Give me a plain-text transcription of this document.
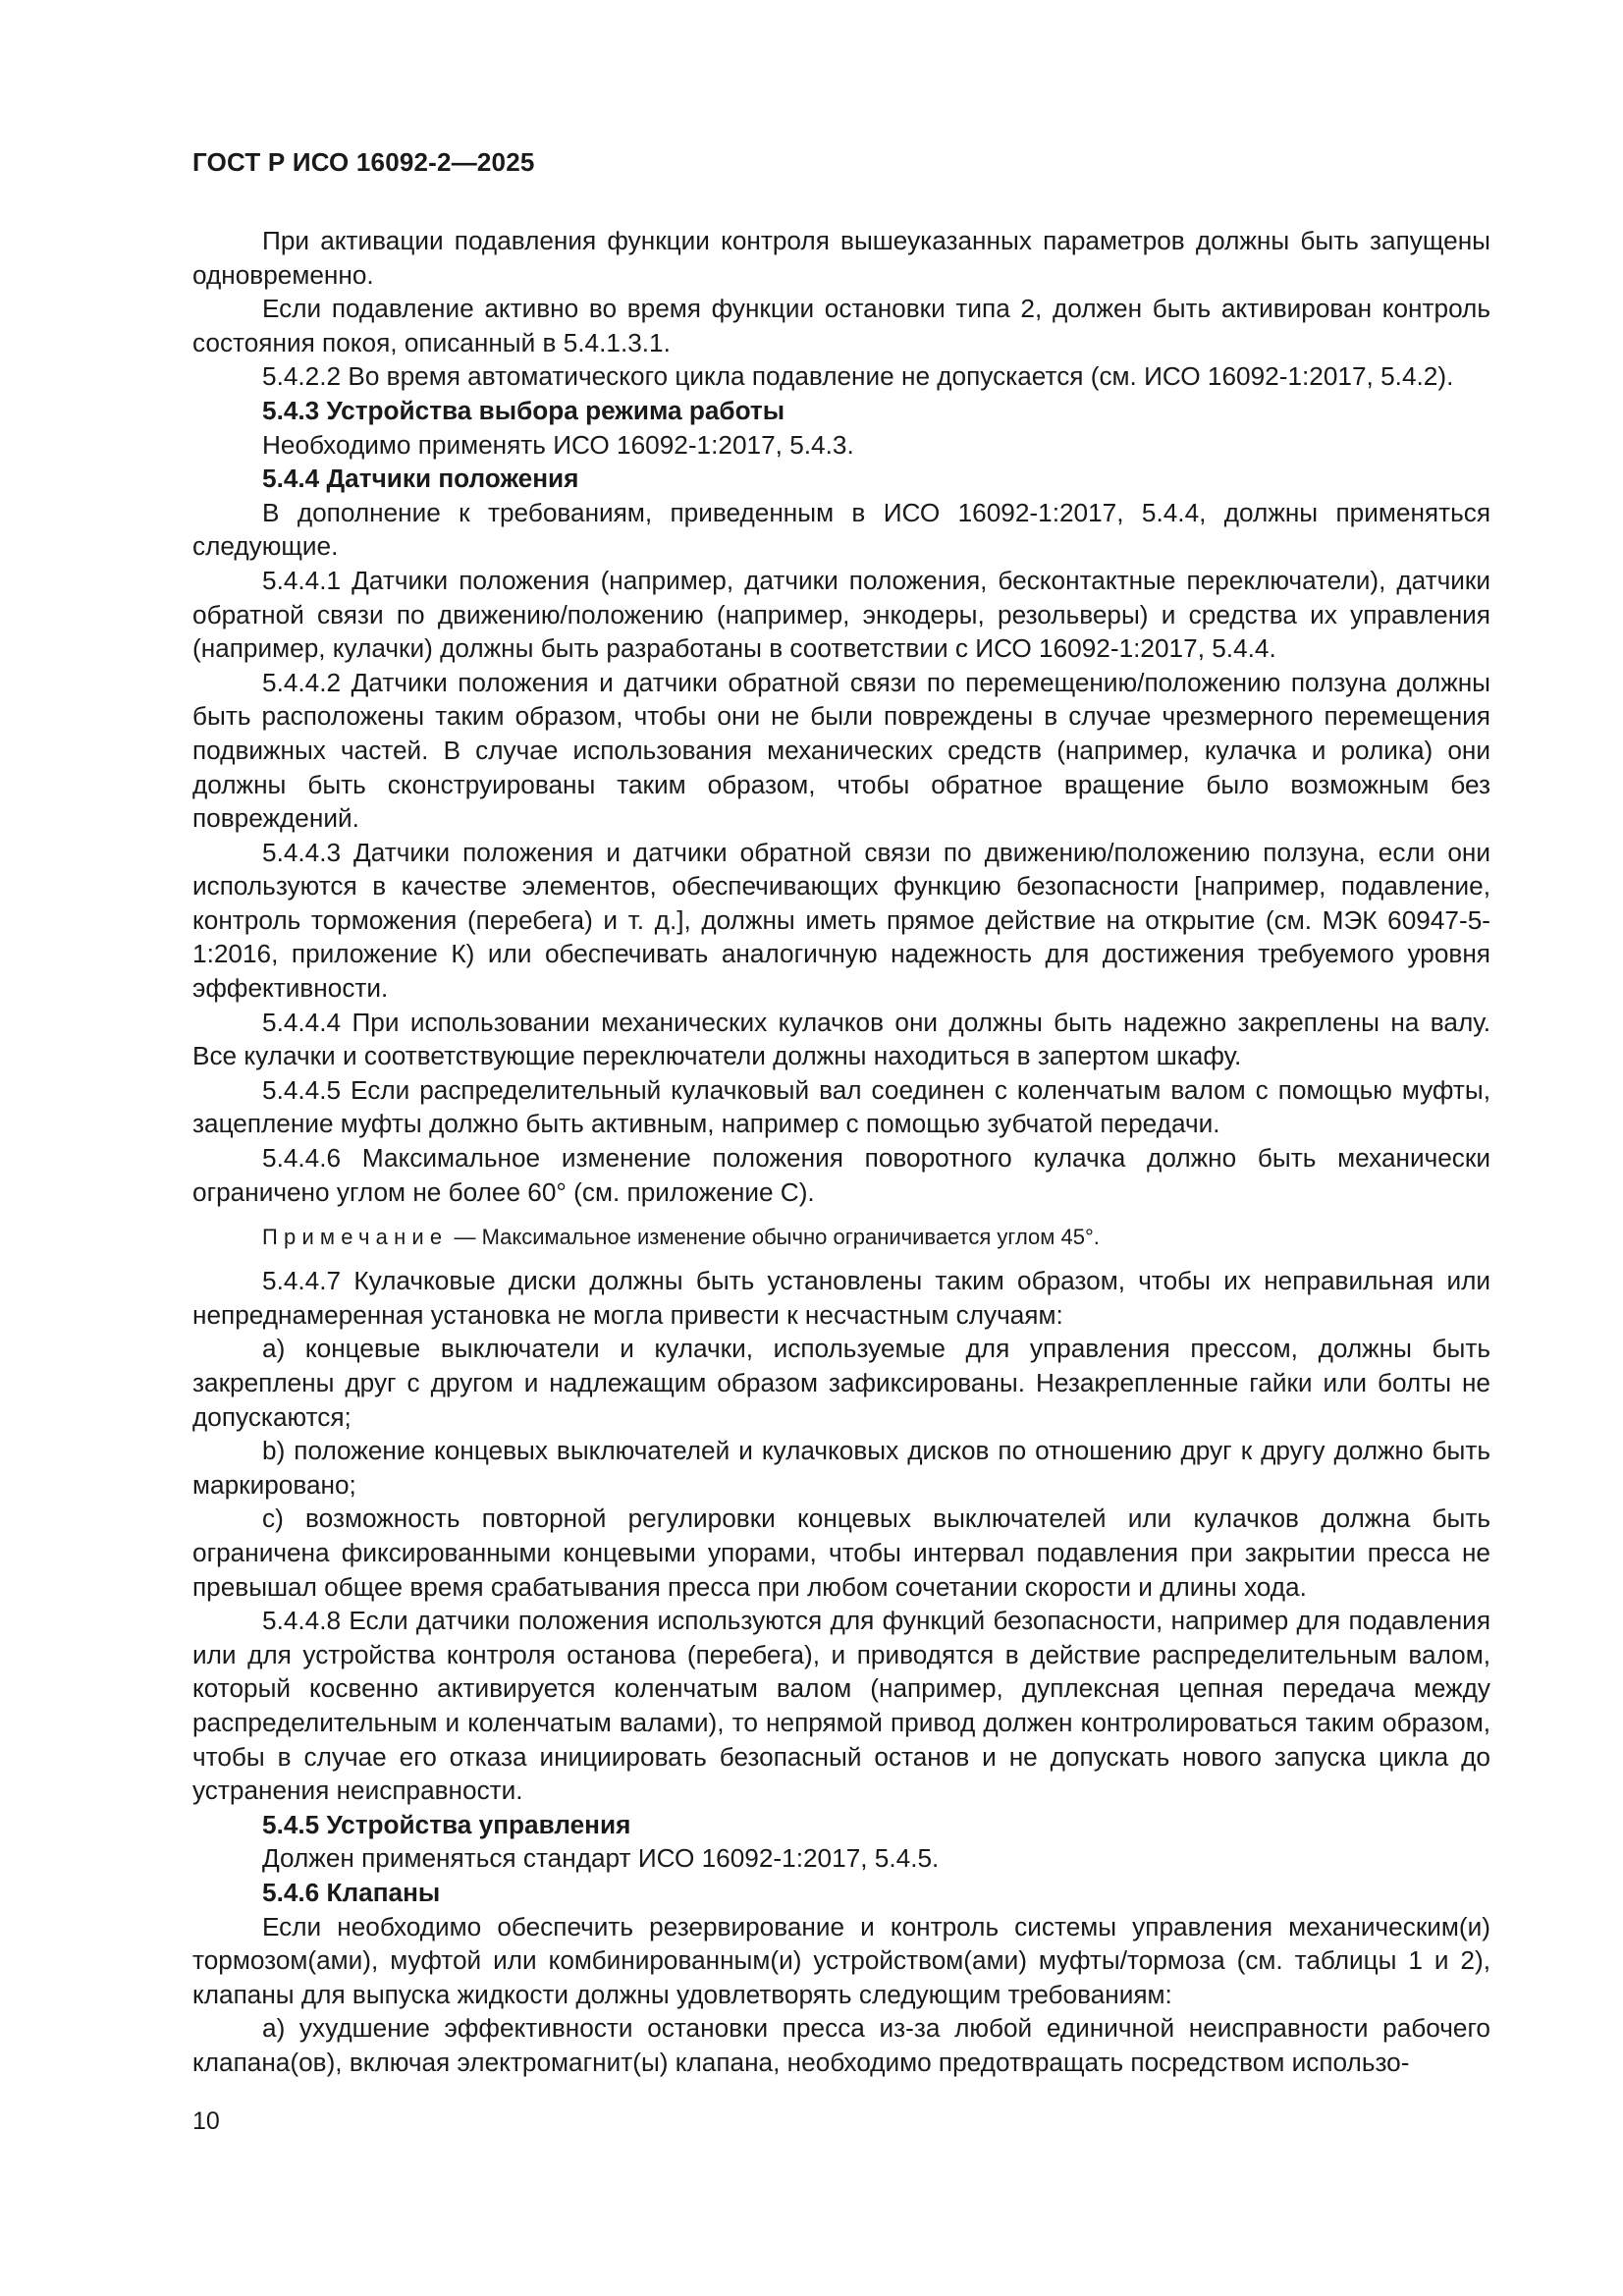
ГОСТ Р ИСО 16092-2—2025

При активации подавления функции контроля вышеуказанных параметров должны быть запущены одновременно.

Если подавление активно во время функции остановки типа 2, должен быть активирован контроль состояния покоя, описанный в 5.4.1.3.1.

5.4.2.2 Во время автоматического цикла подавление не допускается (см. ИСО 16092-1:2017, 5.4.2).

5.4.3 Устройства выбора режима работы

Необходимо применять ИСО 16092-1:2017, 5.4.3.

5.4.4 Датчики положения

В дополнение к требованиям, приведенным в ИСО 16092-1:2017, 5.4.4, должны применяться следующие.

5.4.4.1 Датчики положения (например, датчики положения, бесконтактные переключатели), датчики обратной связи по движению/положению (например, энкодеры, резольверы) и средства их управления (например, кулачки) должны быть разработаны в соответствии с ИСО 16092-1:2017, 5.4.4.

5.4.4.2 Датчики положения и датчики обратной связи по перемещению/положению ползуна должны быть расположены таким образом, чтобы они не были повреждены в случае чрезмерного перемещения подвижных частей. В случае использования механических средств (например, кулачка и ролика) они должны быть сконструированы таким образом, чтобы обратное вращение было возможным без повреждений.

5.4.4.3 Датчики положения и датчики обратной связи по движению/положению ползуна, если они используются в качестве элементов, обеспечивающих функцию безопасности [например, подавление, контроль торможения (перебега) и т. д.], должны иметь прямое действие на открытие (см. МЭК 60947-5-1:2016, приложение К) или обеспечивать аналогичную надежность для достижения требуемого уровня эффективности.

5.4.4.4 При использовании механических кулачков они должны быть надежно закреплены на валу. Все кулачки и соответствующие переключатели должны находиться в запертом шкафу.

5.4.4.5 Если распределительный кулачковый вал соединен с коленчатым валом с помощью муфты, зацепление муфты должно быть активным, например с помощью зубчатой передачи.

5.4.4.6 Максимальное изменение положения поворотного кулачка должно быть механически ограничено углом не более 60° (см. приложение С).

Примечание — Максимальное изменение обычно ограничивается углом 45°.

5.4.4.7 Кулачковые диски должны быть установлены таким образом, чтобы их неправильная или непреднамеренная установка не могла привести к несчастным случаям:

a) концевые выключатели и кулачки, используемые для управления прессом, должны быть закреплены друг с другом и надлежащим образом зафиксированы. Незакрепленные гайки или болты не допускаются;

b) положение концевых выключателей и кулачковых дисков по отношению друг к другу должно быть маркировано;

c) возможность повторной регулировки концевых выключателей или кулачков должна быть ограничена фиксированными концевыми упорами, чтобы интервал подавления при закрытии пресса не превышал общее время срабатывания пресса при любом сочетании скорости и длины хода.

5.4.4.8 Если датчики положения используются для функций безопасности, например для подавления или для устройства контроля останова (перебега), и приводятся в действие распределительным валом, который косвенно активируется коленчатым валом (например, дуплексная цепная передача между распределительным и коленчатым валами), то непрямой привод должен контролироваться таким образом, чтобы в случае его отказа инициировать безопасный останов и не допускать нового запуска цикла до устранения неисправности.

5.4.5 Устройства управления

Должен применяться стандарт ИСО 16092-1:2017, 5.4.5.

5.4.6 Клапаны

Если необходимо обеспечить резервирование и контроль системы управления механическим(и) тормозом(ами), муфтой или комбинированным(и) устройством(ами) муфты/тормоза (см. таблицы 1 и 2), клапаны для выпуска жидкости должны удовлетворять следующим требованиям:

a) ухудшение эффективности остановки пресса из-за любой единичной неисправности рабочего клапана(ов), включая электромагнит(ы) клапана, необходимо предотвращать посредством использо-

10
